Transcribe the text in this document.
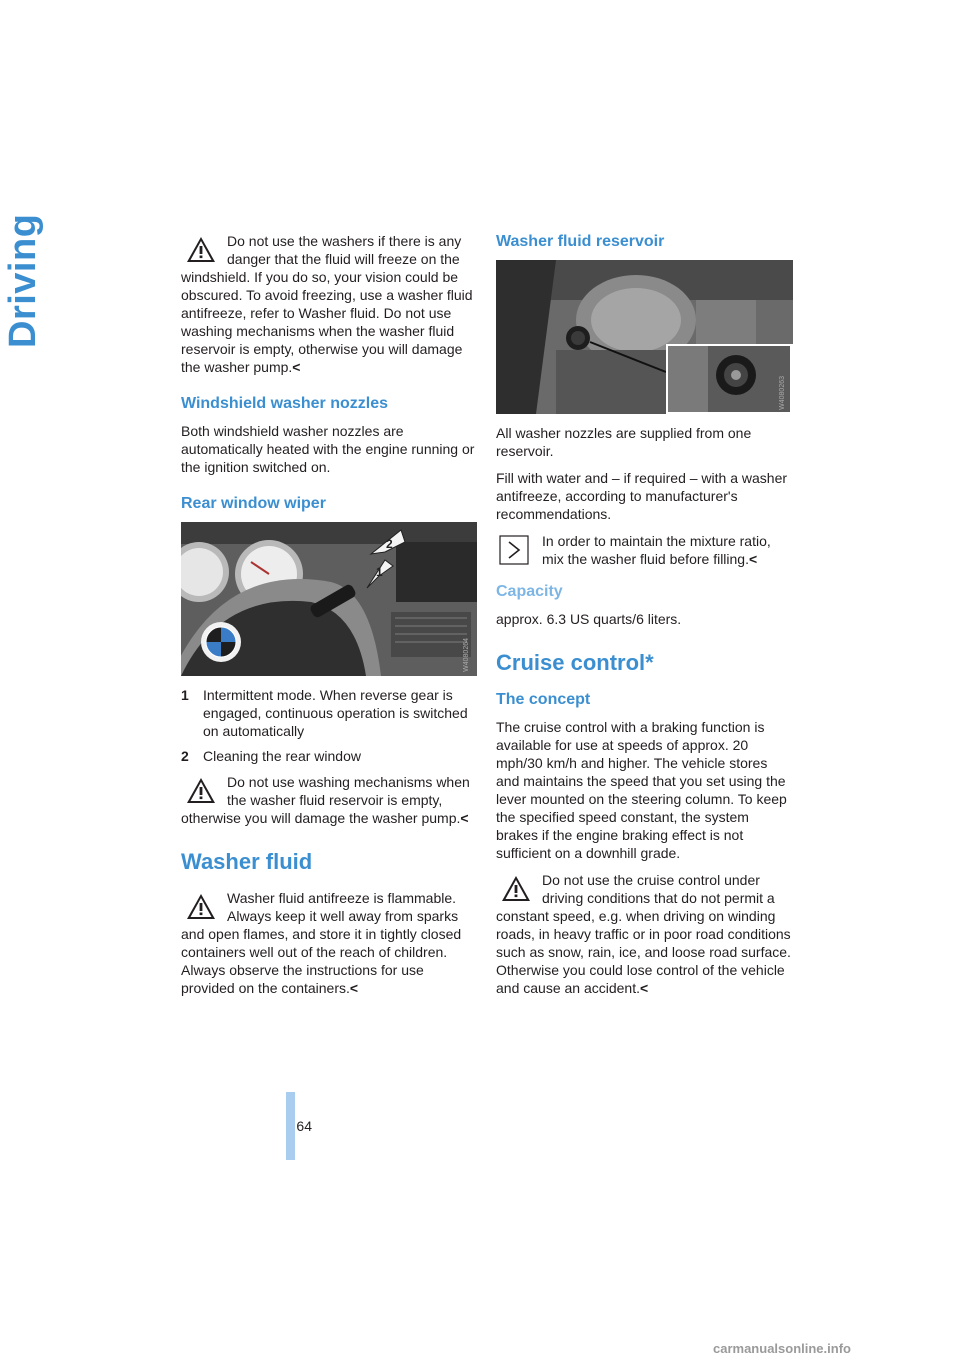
Driving	Do not use the washers if there is any danger that the fluid will freeze on the windshield. If you do so, your vision could be obscured. To avoid freezing, use a washer fluid antifreeze, refer to Washer fluid. Do not use washing mechanisms when the washer fluid reservoir is empty, otherwise you will damage the washer pump.<
Windshield washer nozzles

Both windshield washer nozzles are automatically heated with the engine running or the ignition switched on.

Rear window wiper
1
2
W4080264
1	Intermittent mode. When reverse gear is engaged, continuous operation is switched on automatically
2	Cleaning the rear window
Do not use washing mechanisms when the washer fluid reservoir is empty, otherwise you will damage the washer pump.<
Washer fluid
Washer fluid antifreeze is flammable. Always keep it well away from sparks and open flames, and store it in tightly closed containers well out of the reach of children. Always observe the instructions for use provided on the containers.<
Washer fluid reservoir
W4080263

All washer nozzles are supplied from one reservoir.

Fill with water and – if required – with a washer antifreeze, according to manufacturer's recommendations.

In order to maintain the mixture ratio, mix the washer fluid before filling.<
Capacity

approx. 6.3 US quarts/6 liters.

Cruise control*
The concept

The cruise control with a braking function is available for use at speeds of approx. 20 mph/30 km/h and higher. The vehicle stores and maintains the speed that you set using the lever mounted on the steering column. To keep the specified speed constant, the system brakes if the engine braking effect is not sufficient on a downhill grade.

Do not use the cruise control under driving conditions that do not permit a constant speed, e.g. when driving on winding roads, in heavy traffic or in poor road conditions such as snow, rain, ice, and loose road surface. Otherwise you could lose control of the vehicle and cause an accident.<
64
carmanualsonline.info
